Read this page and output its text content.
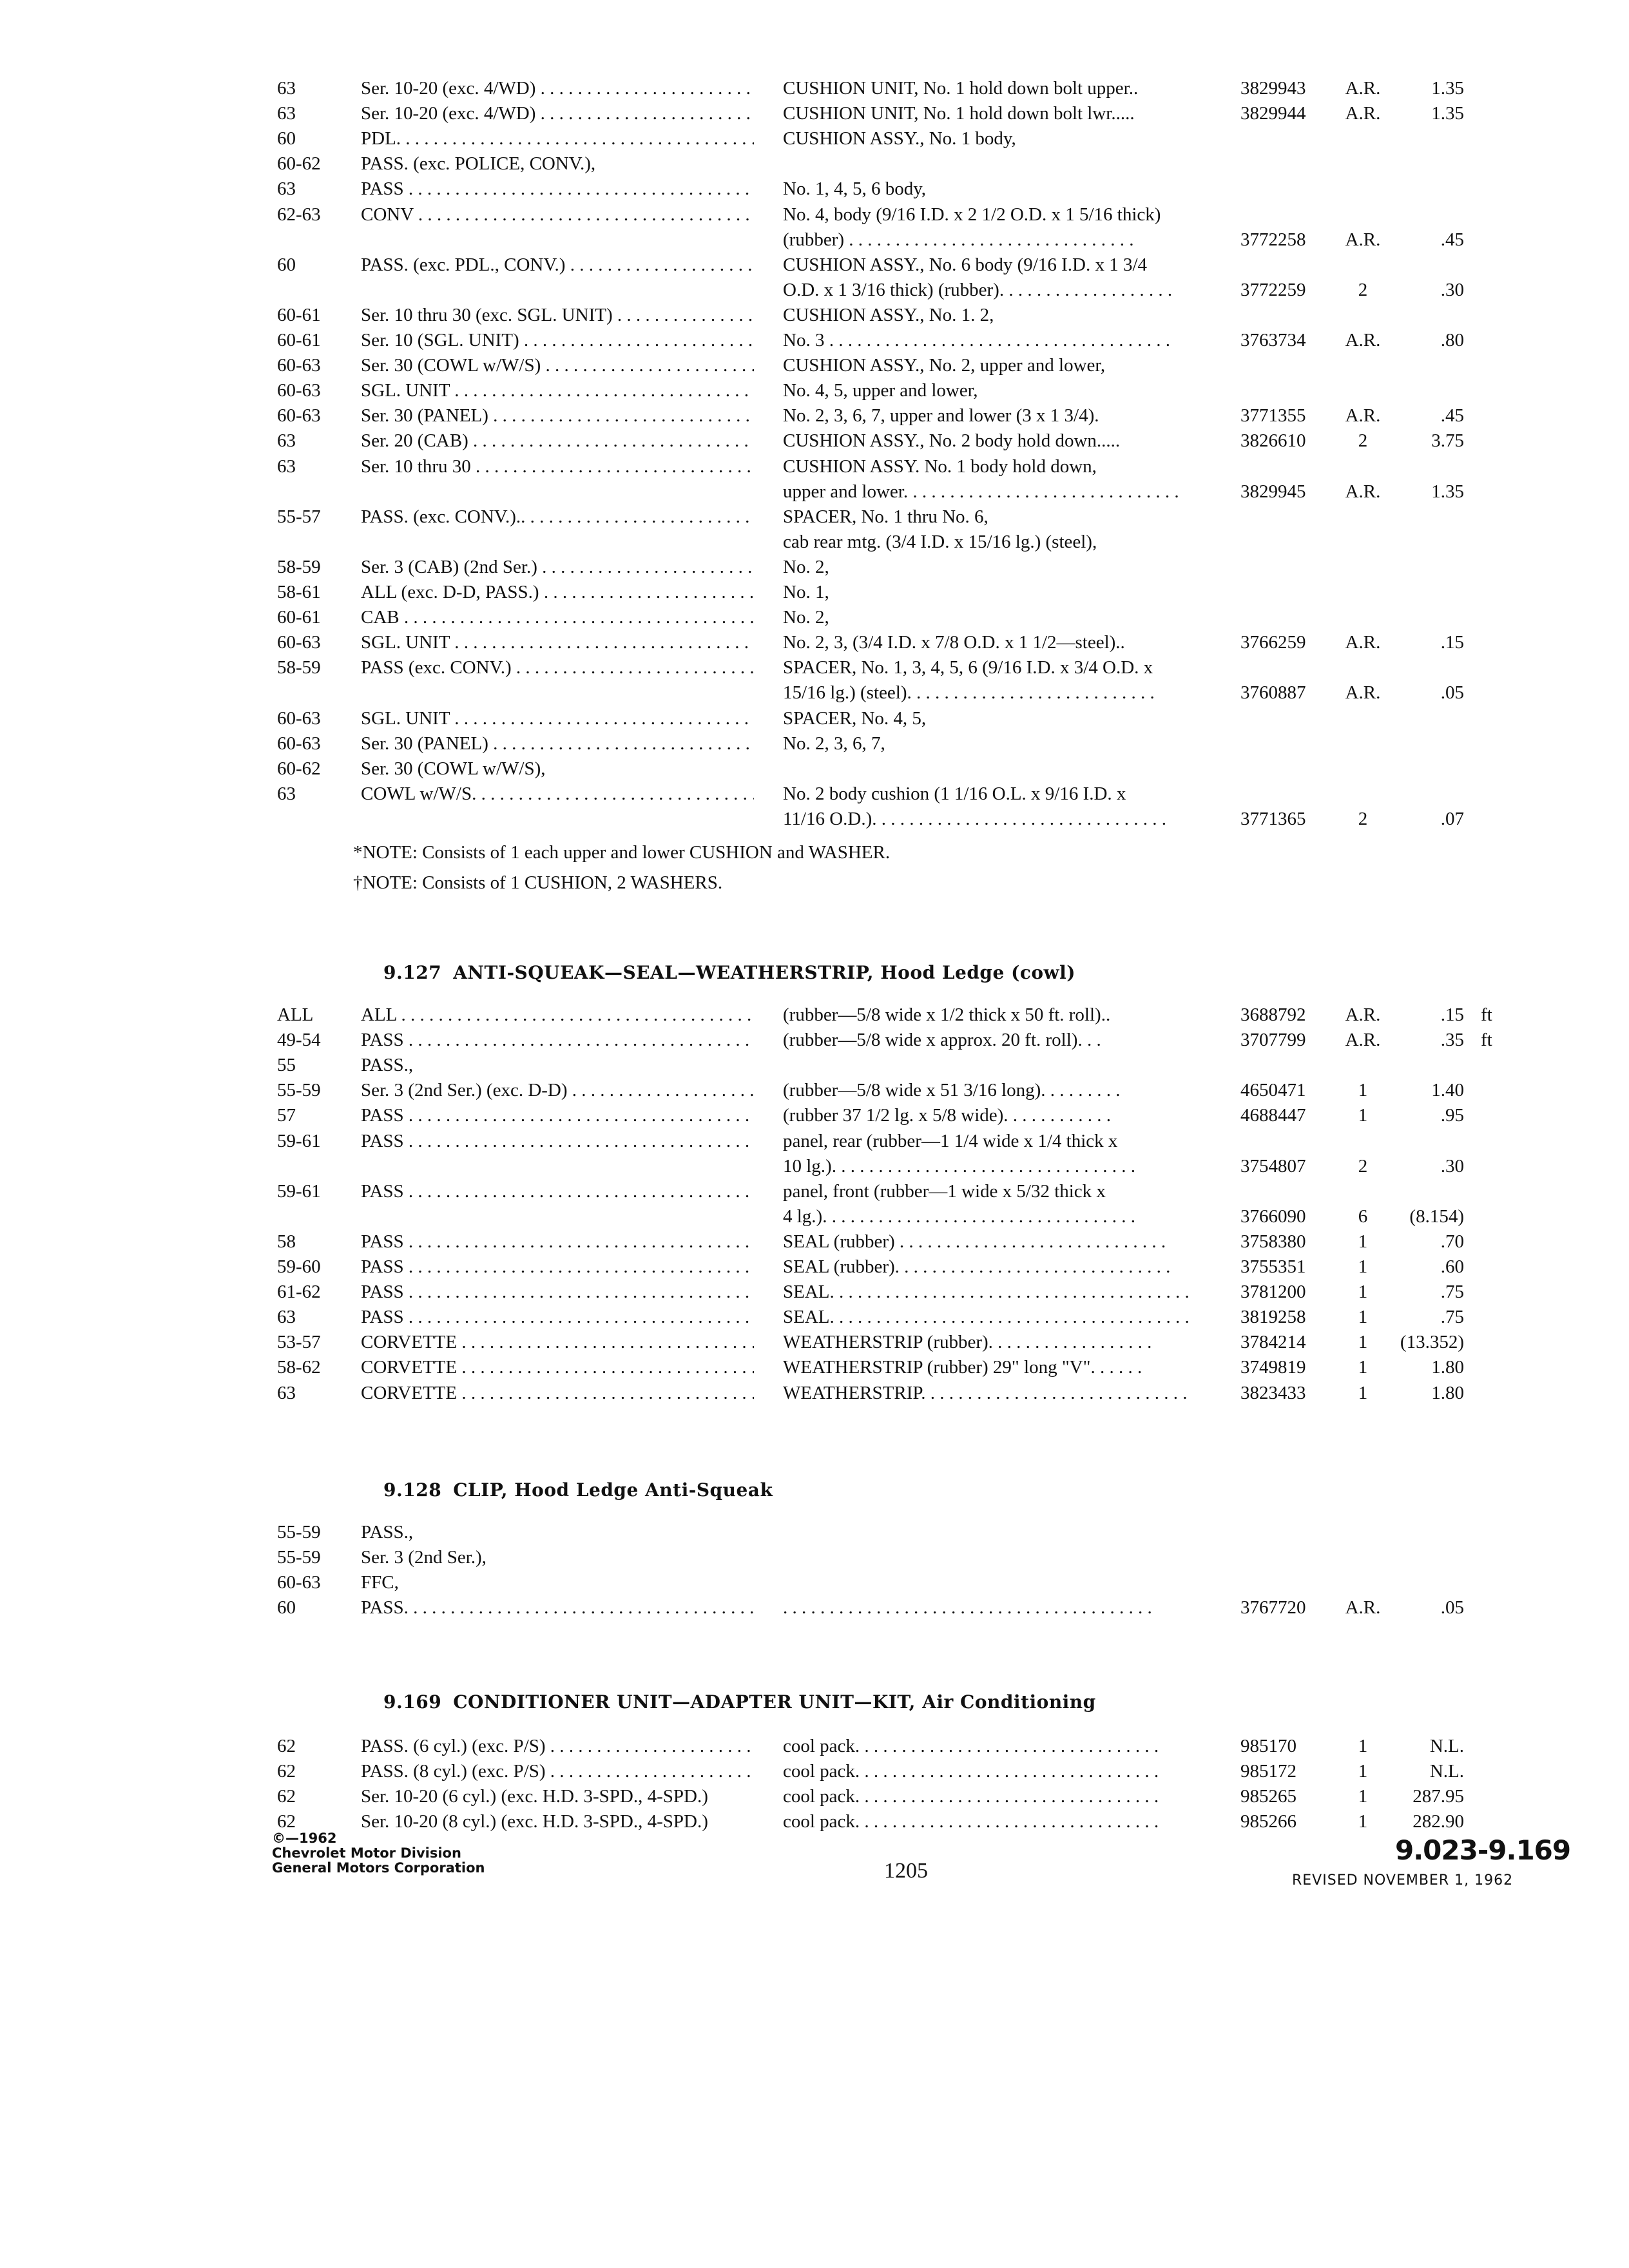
63	Ser. 10-20 (exc. 4/WD) . . .	CUSHION UNIT, No. 1 hold down bolt upper..	3829943 A.R.	1.35
63	Ser. 10-20 (exc. 4/WD) . . .	CUSHION UNIT, No. 1 hold down bolt lwr.....	3829944 A.R.	1.35
60	PDL. . . .	CUSHION ASSY., No. 1 body,
60-62 PASS. (exc. POLICE, CONV.),
63	PASS . . .	No. 1, 4, 5, 6 body,
62-63 CONV . . .	No. 4, body (9/16 I.D. x 2 1/2 O.D. x 1 5/16 thick)
(rubber) . . . . . . . . . . . . . . . . . . . . . . . . . . . . . . .	3772258 A.R.	.45
60	PASS. (exc. PDL., CONV.) . . .	CUSHION ASSY., No. 6 body (9/16 I.D. x 1 3/4
O.D. x 1 3/16 thick) (rubber). . . . . . . . . . . . . . . . . . .	3772259	2	.30
60-61 Ser. 10 thru 30 (exc. SGL. UNIT) . . .	CUSHION ASSY., No. 1. 2,
60-61 Ser. 10 (SGL. UNIT) . . .	No. 3 . . . . . . . . . . . . . . . . . . . . . . . . . . . . . . . . . . . . .	3763734 A.R.	.80
60-63 Ser. 30 (COWL w/W/S) . . .	CUSHION ASSY., No. 2, upper and lower,
60-63 SGL. UNIT . . .	No. 4, 5, upper and lower,
60-63 Ser. 30 (PANEL) . . .	No. 2, 3, 6, 7, upper and lower (3 x 1 3/4).	3771355 A.R.	.45
63	Ser. 20 (CAB) . . .	CUSHION ASSY., No. 2 body hold down.....	3826610	2	3.75
63	Ser. 10 thru 30 . . .	CUSHION ASSY. No. 1 body hold down,
upper and lower. . . . . . . . . . . . . . . . . . . . . . . . . . . . . .	3829945 A.R.	1.35
55-57 PASS. (exc. CONV.).. . . .	SPACER, No. 1 thru No. 6,
cab rear mtg. (3/4 I.D. x 15/16 lg.) (steel),
58-59 Ser. 3 (CAB) (2nd Ser.) . . .	No. 2,
58-61 ALL (exc. D-D, PASS.) . . .	No. 1,
60-61 CAB . . .	No. 2,
60-63 SGL. UNIT . . .	No. 2, 3, (3/4 I.D. x 7/8 O.D. x 1 1/2—steel)..	3766259 A.R.	.15
58-59 PASS (exc. CONV.) . . .	SPACER, No. 1, 3, 4, 5, 6 (9/16 I.D. x 3/4 O.D. x
15/16 lg.) (steel). . . . . . . . . . . . . . . . . . . . . . . . . . .	3760887 A.R.	.05
60-63 SGL. UNIT . . .	SPACER, No. 4, 5,
60-63 Ser. 30 (PANEL) . . .	No. 2, 3, 6, 7,
60-62 Ser. 30 (COWL w/W/S),
63	COWL w/W/S. . . .	No. 2 body cushion (1 1/16 O.L. x 9/16 I.D. x
11/16 O.D.). . . . . . . . . . . . . . . . . . . . . . . . . . . . . . . .	3771365	2	.07
*NOTE: Consists of 1 each upper and lower CUSHION and WASHER.
†NOTE: Consists of 1 CUSHION, 2 WASHERS.
9.127 ANTI-SQUEAK—SEAL—WEATHERSTRIP, Hood Ledge (cowl)
ALL	ALL . . .	(rubber—5/8 wide x 1/2 thick x 50 ft. roll)..	3688792 A.R.	.15 ft
49-54 PASS . . .	(rubber—5/8 wide x approx. 20 ft. roll). . .	3707799 A.R.	.35 ft
55	PASS.,
55-59 Ser. 3 (2nd Ser.) (exc. D-D) . . .	(rubber—5/8 wide x 51 3/16 long). . . . . . . . .	4650471	1	1.40
57	PASS . . .	(rubber 37 1/2 lg. x 5/8 wide). . . . . . . . . . . .	4688447	1	.95
59-61 PASS . . .	panel, rear (rubber—1 1/4 wide x 1/4 thick x
10 lg.). . . . . . . . . . . . . . . . . . . . . . . . . . . . . . . . .	3754807	2	.30
59-61 PASS . . .	panel, front (rubber—1 wide x 5/32 thick x
4 lg.). . . . . . . . . . . . . . . . . . . . . . . . . . . . . . . . . .	3766090	6	(8.154)
58	PASS . . .	SEAL (rubber) . . . . . . . . . . . . . . . . . . . . . . . . . . . . .	3758380	1	.70
59-60 PASS . . .	SEAL (rubber). . . . . . . . . . . . . . . . . . . . . . . . . . . . . .	3755351	1	.60
61-62 PASS . . .	SEAL. . . . . . . . . . . . . . . . . . . . . . . . . . . . . . . . . . . . . . .	3781200	1	.75
63	PASS . . .	SEAL. . . . . . . . . . . . . . . . . . . . . . . . . . . . . . . . . . . . . . .	3819258	1	.75
53-57 CORVETTE . . .	WEATHERSTRIP (rubber). . . . . . . . . . . . . . . . . .	3784214	1	(13.352)
58-62 CORVETTE . . .	WEATHERSTRIP (rubber) 29" long "V". . . . . .	3749819	1	1.80
63	CORVETTE . . .	WEATHERSTRIP. . . . . . . . . . . . . . . . . . . . . . . . . . . . .	3823433	1	1.80
9.128 CLIP, Hood Ledge Anti-Squeak
55-59 PASS.,
55-59 Ser. 3 (2nd Ser.),
60-63 FFC,
60	PASS. . . .	. . . . . . . . . . . . . . . . . . . . . . . . . . . . . . . . . . . . . . . .	3767720 A.R.	.05
9.169 CONDITIONER UNIT—ADAPTER UNIT—KIT, Air Conditioning
62	PASS. (6 cyl.) (exc. P/S) . . .	cool pack. . . . . . . . . . . . . . . . . . . . . . . . . . . . . . . . .	985170	1	N.L.
62	PASS. (8 cyl.) (exc. P/S) . . .	cool pack. . . . . . . . . . . . . . . . . . . . . . . . . . . . . . . . .	985172	1	N.L.
62	Ser. 10-20 (6 cyl.) (exc. H.D. 3-SPD., 4-SPD.)	cool pack. . . . . . . . . . . . . . . . . . . . . . . . . . . . . . . . .	985265	1	287.95
62	Ser. 10-20 (8 cyl.) (exc. H.D. 3-SPD., 4-SPD.)	cool pack. . . . . . . . . . . . . . . . . . . . . . . . . . . . . . . . .	985266	1	282.90
©—1962
Chevrolet Motor Division
General Motors Corporation	1205
9.023-9.169
REVISED NOVEMBER 1, 1962
